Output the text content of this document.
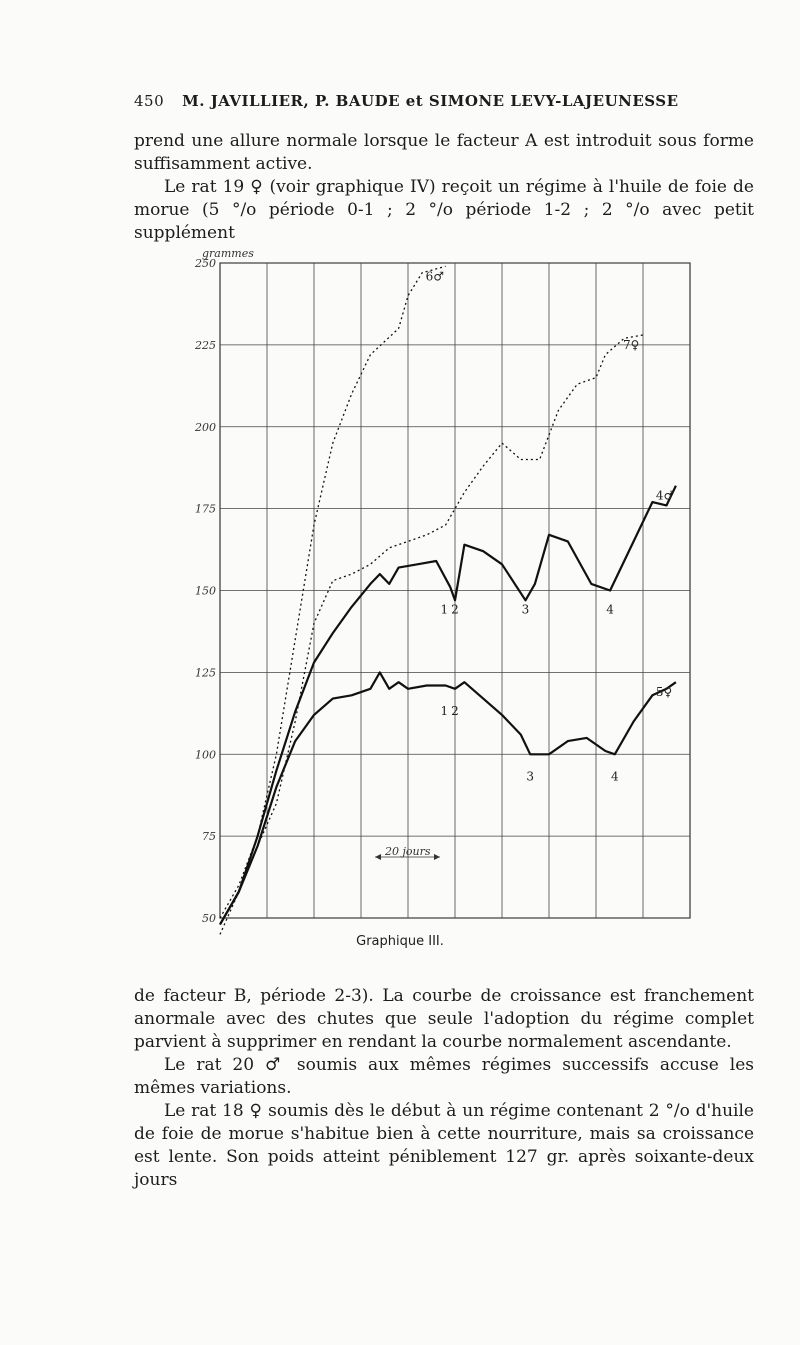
450 M. JAVILLIER, P. BAUDE et SIMONE LEVY-LAJEUNESSE

prend une allure normale lorsque le facteur A est introduit sous forme suffisamment active.

Le rat 19 ♀ (voir graphique IV) reçoit un régime à l'huile de foie de morue (5 °/o période 0-1 ; 2 °/o période 1-2 ; 2 °/o avec petit supplément

250
225
200
175
150
125
100
75
50
grammes
6♂
7♀
4♂
5♀
1 2	3	4
1 2
3	4
20 jours
Graphique III.

de facteur B, période 2-3). La courbe de croissance est franchement anormale avec des chutes que seule l'adoption du régime complet parvient à supprimer en rendant la courbe normalement ascendante.

Le rat 20 ♂ soumis aux mêmes régimes successifs accuse les mêmes variations.

Le rat 18 ♀ soumis dès le début à un régime contenant 2 °/o d'huile de foie de morue s'habitue bien à cette nourriture, mais sa croissance est lente. Son poids atteint péniblement 127 gr. après soixante-deux jours
